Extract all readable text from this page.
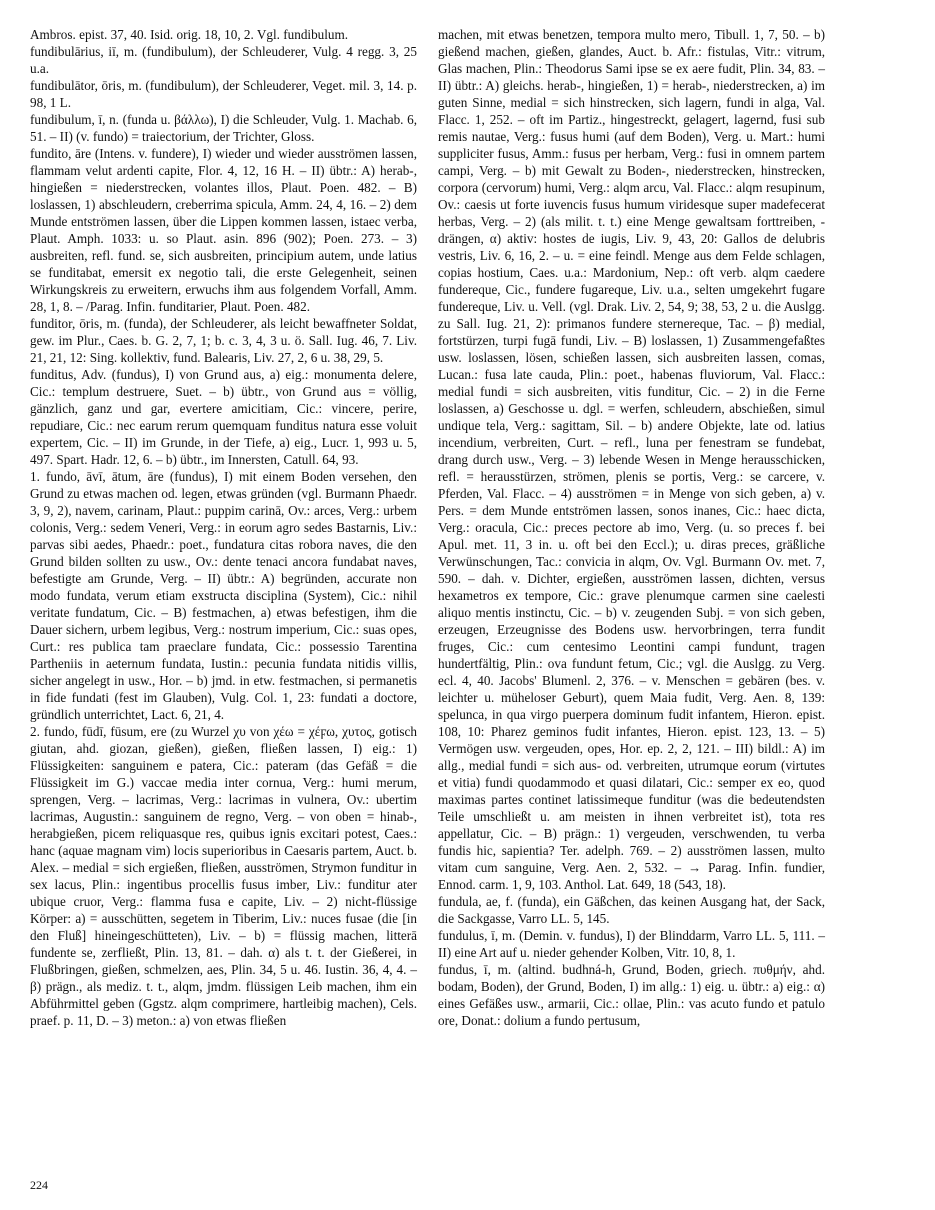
Ambros. epist. 37, 40. Isid. orig. 18, 10, 2. Vgl. fundibulum.

fundibulārius, iī, m. (fundibulum), der Schleuderer, Vulg. 4 regg. 3, 25 u.a.

fundibulātor, ōris, m. (fundibulum), der Schleuderer, Veget. mil. 3, 14. p. 98, 1 L.

fundibulum, ī, n. (funda u. βάλλω), I) die Schleuder, Vulg. 1. Machab. 6, 51. – II) (v. fundo) = traiectorium, der Trichter, Gloss.

fundito, āre (Intens. v. fundere), I) wieder und wieder ausströmen lassen, flammam velut ardenti capite, Flor. 4, 12, 16 H. – II) übtr.: A) herab-, hingießen = niederstrecken, volantes illos, Plaut. Poen. 482. – B) loslassen, 1) abschleudern, creberrima spicula, Amm. 24, 4, 16. – 2) dem Munde entströmen lassen, über die Lippen kommen lassen, istaec verba, Plaut. Amph. 1033: u. so Plaut. asin. 896 (902); Poen. 273. – 3) ausbreiten, refl. fund. se, sich ausbreiten, principium autem, unde latius se funditabat, emersit ex negotio tali, die erste Gelegenheit, seinen Wirkungskreis zu erweitern, erwuchs ihm aus folgendem Vorfall, Amm. 28, 1, 8. – /Parag. Infin. funditarier, Plaut. Poen. 482.

funditor, ōris, m. (funda), der Schleuderer, als leicht bewaffneter Soldat, gew. im Plur., Caes. b. G. 2, 7, 1; b. c. 3, 4, 3 u. ö. Sall. Iug. 46, 7. Liv. 21, 21, 12: Sing. kollektiv, fund. Balearis, Liv. 27, 2, 6 u. 38, 29, 5.

funditus, Adv. (fundus), I) von Grund aus, a) eig.: monumenta delere, Cic.: templum destruere, Suet. – b) übtr., von Grund aus = völlig, gänzlich, ganz und gar, evertere amicitiam, Cic.: vincere, perire, repudiare, Cic.: nec earum rerum quemquam funditus natura esse voluit expertem, Cic. – II) im Grunde, in der Tiefe, a) eig., Lucr. 1, 993 u. 5, 497. Spart. Hadr. 12, 6. – b) übtr., im Innersten, Catull. 64, 93.

1. fundo, āvī, ātum, āre (fundus), I) mit einem Boden versehen, den Grund zu etwas machen od. legen, etwas gründen (vgl. Burmann Phaedr. 3, 9, 2), navem, carinam, Plaut.: puppim carinā, Ov.: arces, Verg.: urbem colonis, Verg.: sedem Veneri, Verg.: in eorum agro sedes Bastarnis, Liv.: parvas sibi aedes, Phaedr.: poet., fundatura citas robora naves, die den Grund bilden sollten zu usw., Ov.: dente tenaci ancora fundabat naves, befestigte am Grunde, Verg. – II) übtr.: A) begründen, accurate non modo fundata, verum etiam exstructa disciplina (System), Cic.: nihil veritate fundatum, Cic. – B) festmachen, a) etwas befestigen, ihm die Dauer sichern, urbem legibus, Verg.: nostrum imperium, Cic.: suas opes, Curt.: res publica tam praeclare fundata, Cic.: possessio Tarentina Partheniis in aeternum fundata, Iustin.: pecunia fundata nitidis villis, sicher angelegt in usw., Hor. – b) jmd. in etw. festmachen, si permanetis in fide fundati (fest im Glauben), Vulg. Col. 1, 23: fundati a doctore, gründlich unterrichtet, Lact. 6, 21, 4.

2. fundo, fūdī, fūsum, ere (zu Wurzel χυ von χέω = χέϝω, χυτος, gotisch giutan, ahd. giozan, gießen), gießen, fließen lassen, I) eig.: 1) Flüssigkeiten: sanguinem e patera, Cic.: pateram (das Gefäß = die Flüssigkeit im G.) vaccae media inter cornua, Verg.: humi merum, sprengen, Verg. – lacrimas, Verg.: lacrimas in vulnera, Ov.: ubertim lacrimas, Augustin.: sanguinem de regno, Verg. – von oben = hinab-, herabgießen, picem reliquasque res, quibus ignis excitari potest, Caes.: hanc (aquae magnam vim) locis superioribus in Caesaris partem, Auct. b. Alex. – medial = sich ergießen, fließen, ausströmen, Strymon funditur in sex lacus, Plin.: ingentibus procellis fusus imber, Liv.: funditur ater ubique cruor, Verg.: flamma fusa e capite, Liv. – 2) nicht-flüssige Körper: a) = ausschütten, segetem in Tiberim, Liv.: nuces fusae (die [in den Fluß] hineingeschütteten), Liv. – b) = flüssig machen, litterā fundente se, zerfließt, Plin. 13, 81. – dah. α) als t. t. der Gießerei, in Flußbringen, gießen, schmelzen, aes, Plin. 34, 5 u. 46. Iustin. 36, 4, 4. – β) prägn., als mediz. t. t., alqm, jmdm. flüssigen Leib machen, ihm ein Abführmittel geben (Ggstz. alqm comprimere, hartleibig machen), Cels. praef. p. 11, D. – 3) meton.: a) von etwas fließen

machen, mit etwas benetzen, tempora multo mero, Tibull. 1, 7, 50. – b) gießend machen, gießen, glandes, Auct. b. Afr.: fistulas, Vitr.: vitrum, Glas machen, Plin.: Theodorus Sami ipse se ex aere fudit, Plin. 34, 83. – II) übtr.: A) gleichs. herab-, hingießen, 1) = herab-, niederstrecken, a) im guten Sinne, medial = sich hinstrecken, sich lagern, fundi in alga, Val. Flacc. 1, 252. – oft im Partiz., hingestreckt, gelagert, lagernd, fusi sub remis nautae, Verg.: fusus humi (auf dem Boden), Verg. u. Mart.: humi suppliciter fusus, Amm.: fusus per herbam, Verg.: fusi in omnem partem campi, Verg. – b) mit Gewalt zu Boden-, niederstrecken, hinstrecken, corpora (cervorum) humi, Verg.: alqm arcu, Val. Flacc.: alqm resupinum, Ov.: caesis ut forte iuvencis fusus humum viridesque super madefecerat herbas, Verg. – 2) (als milit. t. t.) eine Menge gewaltsam forttreiben, -drängen, α) aktiv: hostes de iugis, Liv. 9, 43, 20: Gallos de delubris vestris, Liv. 6, 16, 2. – u. = eine feindl. Menge aus dem Felde schlagen, copias hostium, Caes. u.a.: Mardonium, Nep.: oft verb. alqm caedere fundereque, Cic., fundere fugareque, Liv. u.a., selten umgekehrt fugare fundereque, Liv. u. Vell. (vgl. Drak. Liv. 2, 54, 9; 38, 53, 2 u. die Auslgg. zu Sall. Iug. 21, 2): primanos fundere sternereque, Tac. – β) medial, fortstürzen, turpi fugā fundi, Liv. – B) loslassen, 1) Zusammengefaßtes usw. loslassen, lösen, schießen lassen, sich ausbreiten lassen, comas, Lucan.: fusa late cauda, Plin.: poet., habenas fluviorum, Val. Flacc.: medial fundi = sich ausbreiten, vitis funditur, Cic. – 2) in die Ferne loslassen, a) Geschosse u. dgl. = werfen, schleudern, abschießen, simul undique tela, Verg.: sagittam, Sil. – b) andere Objekte, late od. latius incendium, verbreiten, Curt. – refl., luna per fenestram se fundebat, drang durch usw., Verg. – 3) lebende Wesen in Menge herausschicken, refl. = herausstürzen, strömen, plenis se portis, Verg.: se carcere, v. Pferden, Val. Flacc. – 4) ausströmen = in Menge von sich geben, a) v. Pers. = dem Munde entströmen lassen, sonos inanes, Cic.: haec dicta, Verg.: oracula, Cic.: preces pectore ab imo, Verg. (u. so preces f. bei Apul. met. 11, 3 in. u. oft bei den Eccl.); u. diras preces, gräßliche Verwünschungen, Tac.: convicia in alqm, Ov. Vgl. Burmann Ov. met. 7, 590. – dah. v. Dichter, ergießen, ausströmen lassen, dichten, versus hexametros ex tempore, Cic.: grave plenumque carmen sine caelesti aliquo mentis instinctu, Cic. – b) v. zeugenden Subj. = von sich geben, erzeugen, Erzeugnisse des Bodens usw. hervorbringen, terra fundit fruges, Cic.: cum centesimo Leontini campi fundunt, tragen hundertfältig, Plin.: ova fundunt fetum, Cic.; vgl. die Auslgg. zu Verg. ecl. 4, 40. Jacobs' Blumenl. 2, 376. – v. Menschen = gebären (bes. v. leichter u. müheloser Geburt), quem Maia fudit, Verg. Aen. 8, 139: spelunca, in qua virgo puerpera dominum fudit infantem, Hieron. epist. 108, 10: Pharez geminos fudit infantes, Hieron. epist. 123, 13. – 5) Vermögen usw. vergeuden, opes, Hor. ep. 2, 2, 121. – III) bildl.: A) im allg., medial fundi = sich aus- od. verbreiten, utrumque eorum (virtutes et vitia) fundi quodammodo et quasi dilatari, Cic.: semper ex eo, quod maximas partes continet latissimeque funditur (was die bedeutendsten Teile umschließt u. am meisten in ihnen verbreitet ist), tota res appellatur, Cic. – B) prägn.: 1) vergeuden, verschwenden, tu verba fundis hic, sapientia? Ter. adelph. 769. – 2) ausströmen lassen, multo vitam cum sanguine, Verg. Aen. 2, 532. – → Parag. Infin. fundier, Ennod. carm. 1, 9, 103. Anthol. Lat. 649, 18 (543, 18).

fundula, ae, f. (funda), ein Gäßchen, das keinen Ausgang hat, der Sack, die Sackgasse, Varro LL. 5, 145.

fundulus, ī, m. (Demin. v. fundus), I) der Blinddarm, Varro LL. 5, 111. – II) eine Art auf u. nieder gehender Kolben, Vitr. 10, 8, 1.

fundus, ī, m. (altind. budhná-h, Grund, Boden, griech. πυθμήν, ahd. bodam, Boden), der Grund, Boden, I) im allg.: 1) eig. u. übtr.: a) eig.: α) eines Gefäßes usw., armarii, Cic.: ollae, Plin.: vas acuto fundo et patulo ore, Donat.: dolium a fundo pertusum,

224
